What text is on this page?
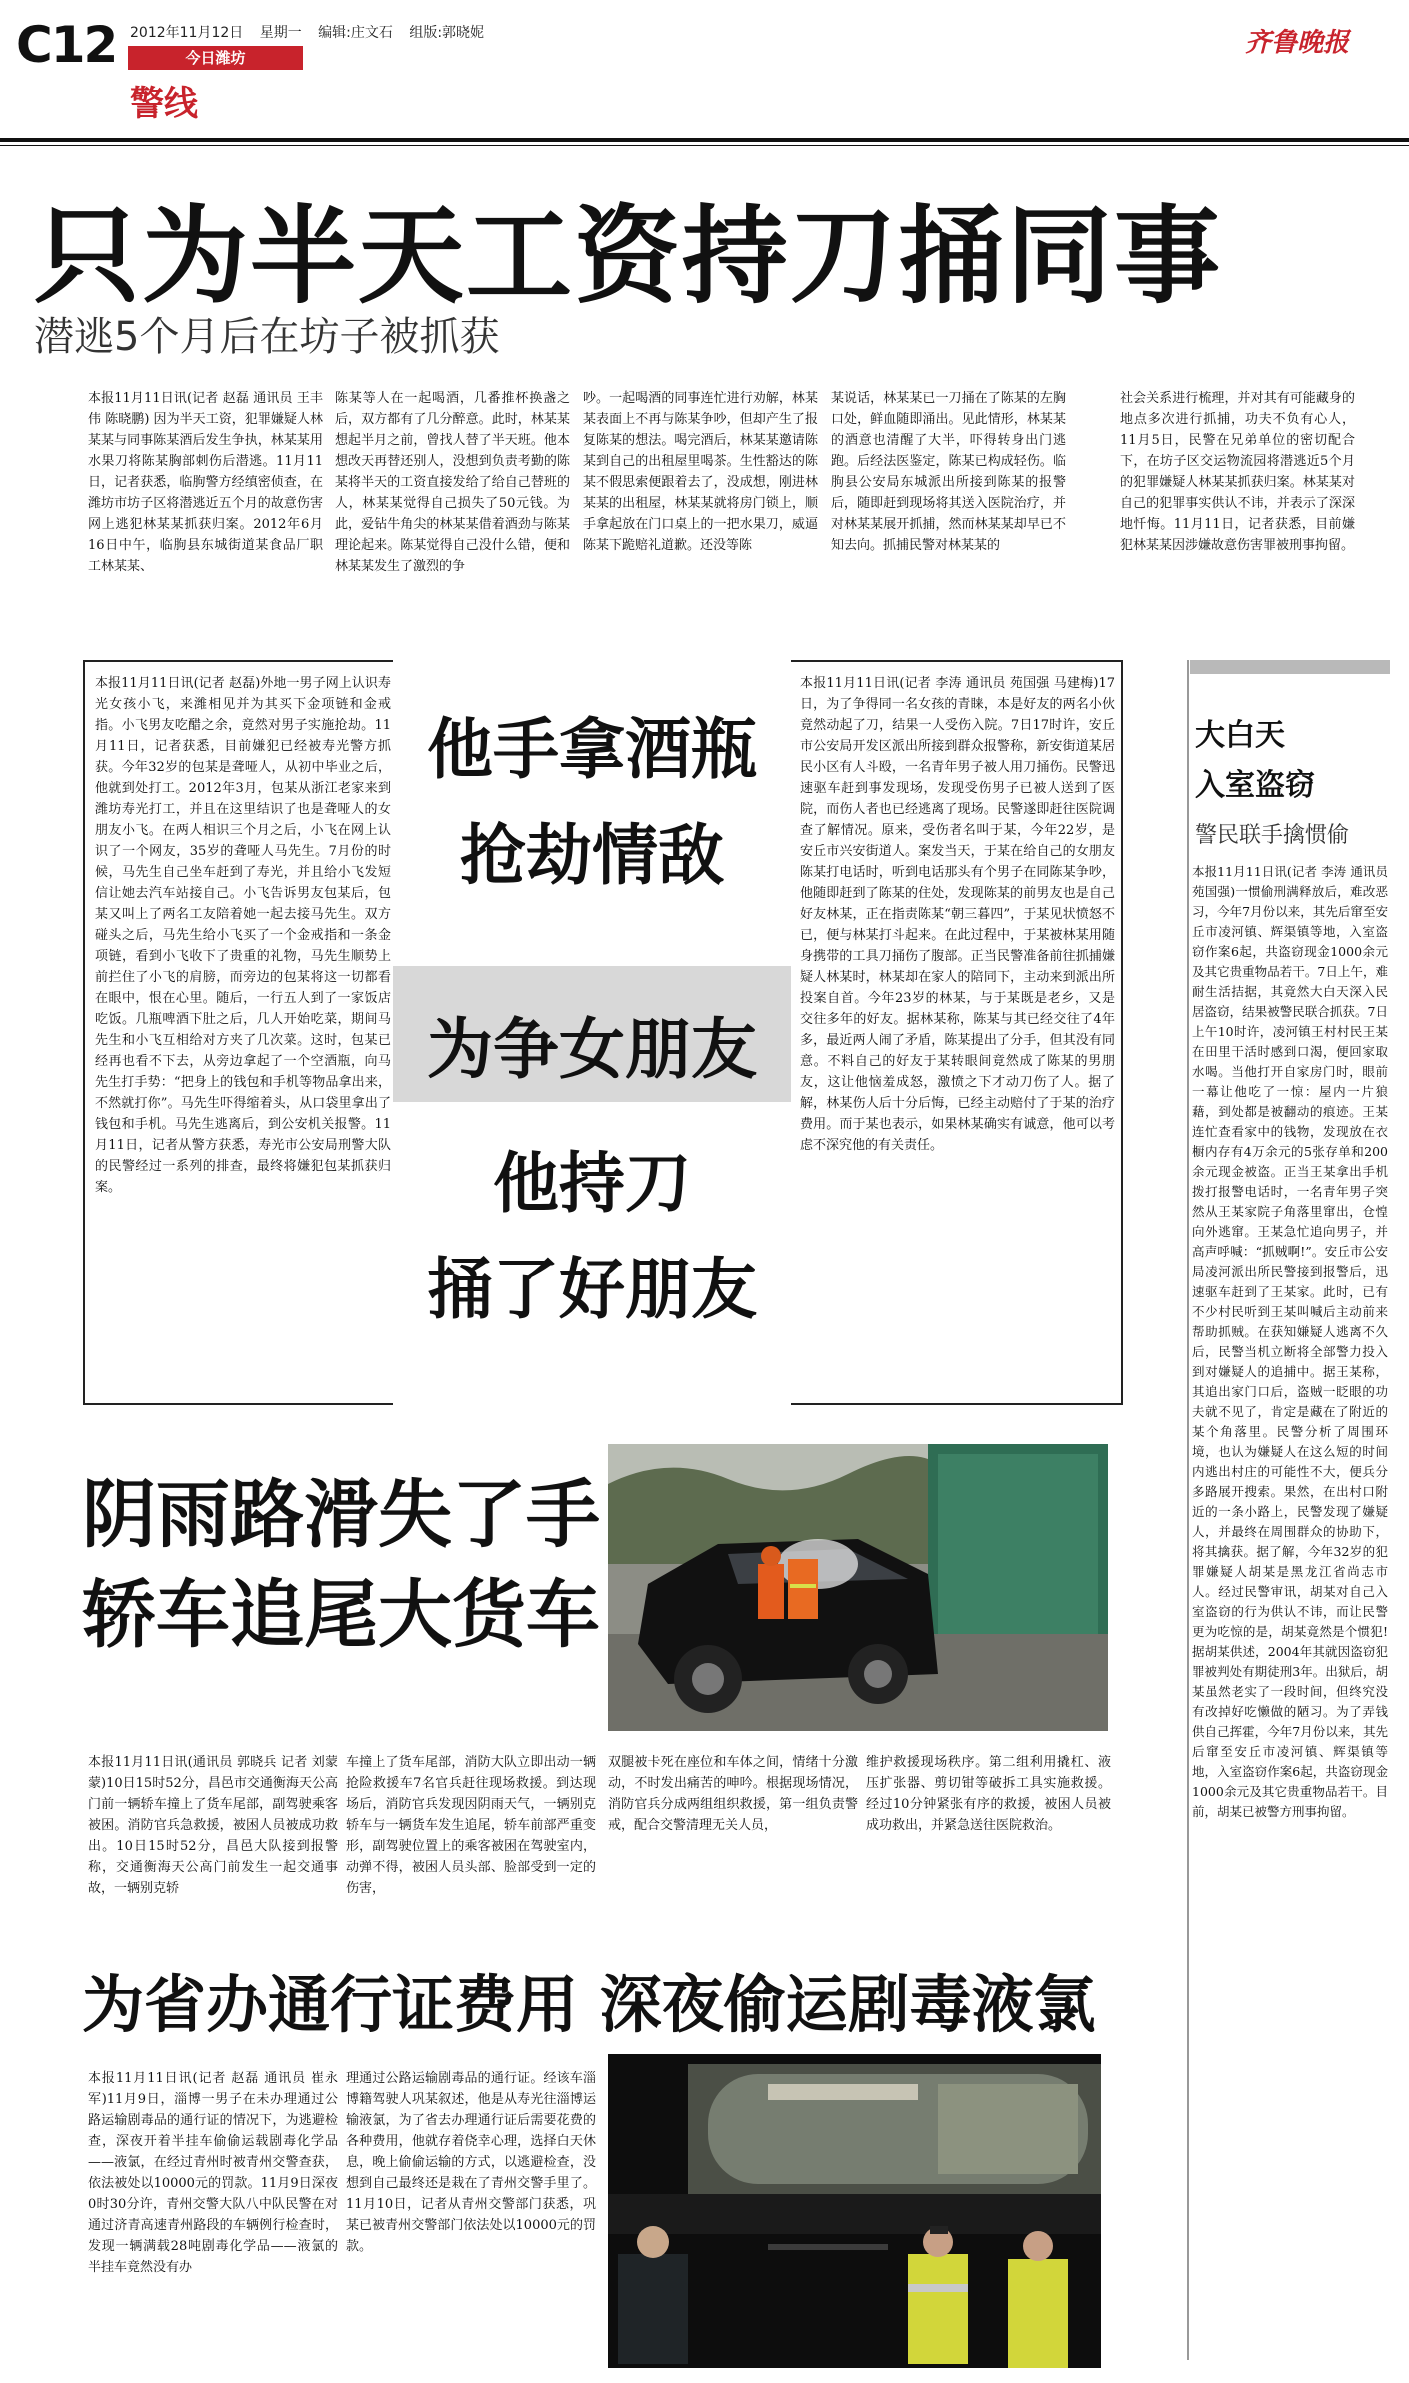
C12 2012年11月12日 星期一 编辑:庄文石 组版:郭晓妮
今日潍坊
警线
齐鲁晚报
只为半天工资持刀捅同事
潜逃5个月后在坊子被抓获
本报11月11日讯(记者 赵磊 通讯员 王丰伟 陈晓鹏) 因为半天工资，犯罪嫌疑人林某某与同事陈某酒后发生争执，林某某用水果刀将陈某胸部刺伤后潜逃。11月11日，记者获悉，临朐警方经缜密侦查，在潍坊市坊子区将潜逃近五个月的故意伤害网上逃犯林某某抓获归案。2012年6月16日中午，临朐县东城街道某食品厂职工林某某、
陈某等人在一起喝酒，几番推杯换盏之后，双方都有了几分醉意。此时，林某某想起半月之前，曾找人替了半天班。他本想改天再替还别人，没想到负责考勤的陈某将半天的工资直接发给了给自己替班的人，林某某觉得自己损失了50元钱。为此，爱钻牛角尖的林某某借着酒劲与陈某理论起来。陈某觉得自己没什么错，便和林某某发生了激烈的争
吵。一起喝酒的同事连忙进行劝解，林某某表面上不再与陈某争吵，但却产生了报复陈某的想法。喝完酒后，林某某邀请陈某到自己的出租屋里喝茶。生性豁达的陈某不假思索便跟着去了，没成想，刚进林某某的出租屋，林某某就将房门锁上，顺手拿起放在门口桌上的一把水果刀，威逼陈某下跪赔礼道歉。还没等陈
某说话，林某某已一刀捅在了陈某的左胸口处，鲜血随即涌出。见此情形，林某某的酒意也清醒了大半，吓得转身出门逃跑。后经法医鉴定，陈某已构成轻伤。临朐县公安局东城派出所接到陈某的报警后，随即赶到现场将其送入医院治疗，并对林某某展开抓捕，然而林某某却早已不知去向。抓捕民警对林某某的
社会关系进行梳理，并对其有可能藏身的地点多次进行抓捕，功夫不负有心人，11月5日，民警在兄弟单位的密切配合下，在坊子区交运物流园将潜逃近5个月的犯罪嫌疑人林某某抓获归案。林某某对自己的犯罪事实供认不讳，并表示了深深地忏悔。11月11日，记者获悉，目前嫌犯林某某因涉嫌故意伤害罪被刑事拘留。
本报11月11日讯(记者 赵磊)外地一男子网上认识寿光女孩小飞，来潍相见并为其买下金项链和金戒指。小飞男友吃醋之余，竟然对男子实施抢劫。11月11日，记者获悉，目前嫌犯已经被寿光警方抓获。今年32岁的包某是聋哑人，从初中毕业之后，他就到处打工。2012年3月，包某从浙江老家来到潍坊寿光打工，并且在这里结识了也是聋哑人的女朋友小飞。在两人相识三个月之后，小飞在网上认识了一个网友，35岁的聋哑人马先生。7月份的时候，马先生自己坐车赶到了寿光，并且给小飞发短信让她去汽车站接自己。小飞告诉男友包某后，包某又叫上了两名工友陪着她一起去接马先生。双方碰头之后，马先生给小飞买了一个金戒指和一条金项链，看到小飞收下了贵重的礼物，马先生顺势上前拦住了小飞的肩膀，而旁边的包某将这一切都看在眼中，恨在心里。随后，一行五人到了一家饭店吃饭。几瓶啤酒下肚之后，几人开始吃菜，期间马先生和小飞互相给对方夹了几次菜。这时，包某已经再也看不下去，从旁边拿起了一个空酒瓶，向马先生打手势：“把身上的钱包和手机等物品拿出来，不然就打你”。马先生吓得缩着头，从口袋里拿出了钱包和手机。马先生逃离后，到公安机关报警。11月11日，记者从警方获悉，寿光市公安局刑警大队的民警经过一系列的排查，最终将嫌犯包某抓获归案。
他手拿酒瓶
抢劫情敌
为争女朋友
他持刀
捅了好朋友
本报11月11日讯(记者 李涛 通讯员 苑国强 马建梅)17日，为了争得同一名女孩的青睐，本是好友的两名小伙竟然动起了刀，结果一人受伤入院。7日17时许，安丘市公安局开发区派出所接到群众报警称，新安街道某居民小区有人斗殴，一名青年男子被人用刀捅伤。民警迅速驱车赶到事发现场，发现受伤男子已被人送到了医院，而伤人者也已经逃离了现场。民警遂即赶往医院调查了解情况。原来，受伤者名叫于某，今年22岁，是安丘市兴安街道人。案发当天，于某在给自己的女朋友陈某打电话时，听到电话那头有个男子在同陈某争吵，他随即赶到了陈某的住处，发现陈某的前男友也是自己好友林某，正在指责陈某“朝三暮四”，于某见状愤怒不已，便与林某打斗起来。在此过程中，于某被林某用随身携带的工具刀捅伤了腹部。正当民警准备前往抓捕嫌疑人林某时，林某却在家人的陪同下，主动来到派出所投案自首。今年23岁的林某，与于某既是老乡，又是交往多年的好友。据林某称，陈某与其已经交往了4年多，最近两人闹了矛盾，陈某提出了分手，但其没有同意。不料自己的好友于某转眼间竟然成了陈某的男朋友，这让他恼羞成怒，激愤之下才动刀伤了人。据了解，林某伤人后十分后悔，已经主动赔付了于某的治疗费用。而于某也表示，如果林某确实有诚意，他可以考虑不深究他的有关责任。
大白天
入室盗窃
警民联手擒惯偷
本报11月11日讯(记者 李涛 通讯员 苑国强)一惯偷刑满释放后，难改恶习，今年7月份以来，其先后窜至安丘市凌河镇、辉渠镇等地，入室盗窃作案6起，共盗窃现金1000余元及其它贵重物品若干。7日上午，难耐生活拮据，其竟然大白天深入民居盗窃，结果被警民联合抓获。7日上午10时许，凌河镇王村村民王某在田里干活时感到口渴，便回家取水喝。当他打开自家房门时，眼前一幕让他吃了一惊：屋内一片狼藉，到处都是被翻动的痕迹。王某连忙查看家中的钱物，发现放在衣橱内存有4万余元的5张存单和200余元现金被盗。正当王某拿出手机拨打报警电话时，一名青年男子突然从王某家院子角落里窜出，仓惶向外逃窜。王某急忙追向男子，并高声呼喊：“抓贼啊!”。安丘市公安局凌河派出所民警接到报警后，迅速驱车赶到了王某家。此时，已有不少村民听到王某叫喊后主动前来帮助抓贼。在获知嫌疑人逃离不久后，民警当机立断将全部警力投入到对嫌疑人的追捕中。据王某称，其追出家门口后，盗贼一眨眼的功夫就不见了，肯定是藏在了附近的某个角落里。民警分析了周围环境，也认为嫌疑人在这么短的时间内逃出村庄的可能性不大，便兵分多路展开搜索。果然，在出村口附近的一条小路上，民警发现了嫌疑人，并最终在周围群众的协助下，将其擒获。据了解，今年32岁的犯罪嫌疑人胡某是黑龙江省尚志市人。经过民警审讯，胡某对自己入室盗窃的行为供认不讳，而让民警更为吃惊的是，胡某竟然是个惯犯!据胡某供述，2004年其就因盗窃犯罪被判处有期徒刑3年。出狱后，胡某虽然老实了一段时间，但终究没有改掉好吃懒做的陋习。为了弄钱供自己挥霍，今年7月份以来，其先后窜至安丘市凌河镇、辉渠镇等地，入室盗窃作案6起，共盗窃现金1000余元及其它贵重物品若干。目前，胡某已被警方刑事拘留。
阴雨路滑失了手
轿车追尾大货车
本报11月11日讯(通讯员 郭晓兵 记者 刘蒙蒙)10日15时52分，昌邑市交通衡海天公高门前一辆轿车撞上了货车尾部，副驾驶乘客被困。消防官兵急救援，被困人员被成功救出。10日15时52分，昌邑大队接到报警称，交通衡海天公高门前发生一起交通事故，一辆别克轿
车撞上了货车尾部，消防大队立即出动一辆抢险救援车7名官兵赶往现场救援。到达现场后，消防官兵发现因阴雨天气，一辆别克轿车与一辆货车发生追尾，轿车前部严重变形，副驾驶位置上的乘客被困在驾驶室内，动弹不得，被困人员头部、脸部受到一定的伤害，
双腿被卡死在座位和车体之间，情绪十分激动，不时发出痛苦的呻吟。根据现场情况，消防官兵分成两组组织救援，第一组负责警戒，配合交警清理无关人员，
维护救援现场秩序。第二组利用撬杠、液压扩张器、剪切钳等破拆工具实施救援。经过10分钟紧张有序的救援，被困人员被成功救出，并紧急送往医院救治。
为省办通行证费用 深夜偷运剧毒液氯
本报11月11日讯(记者 赵磊 通讯员 崔永军)11月9日，淄博一男子在未办理通过公路运输剧毒品的通行证的情况下，为逃避检查，深夜开着半挂车偷偷运载剧毒化学品——液氯，在经过青州时被青州交警查获，依法被处以10000元的罚款。11月9日深夜0时30分许，青州交警大队八中队民警在对通过济青高速青州路段的车辆例行检查时，发现一辆满载28吨剧毒化学品——液氯的半挂车竟然没有办
理通过公路运输剧毒品的通行证。经该车淄博籍驾驶人巩某叙述，他是从寿光往淄博运输液氯，为了省去办理通行证后需要花费的各种费用，他就存着侥幸心理，选择白天休息，晚上偷偷运输的方式，以逃避检查，没想到自己最终还是栽在了青州交警手里了。11月10日，记者从青州交警部门获悉，巩某已被青州交警部门依法处以10000元的罚款。
